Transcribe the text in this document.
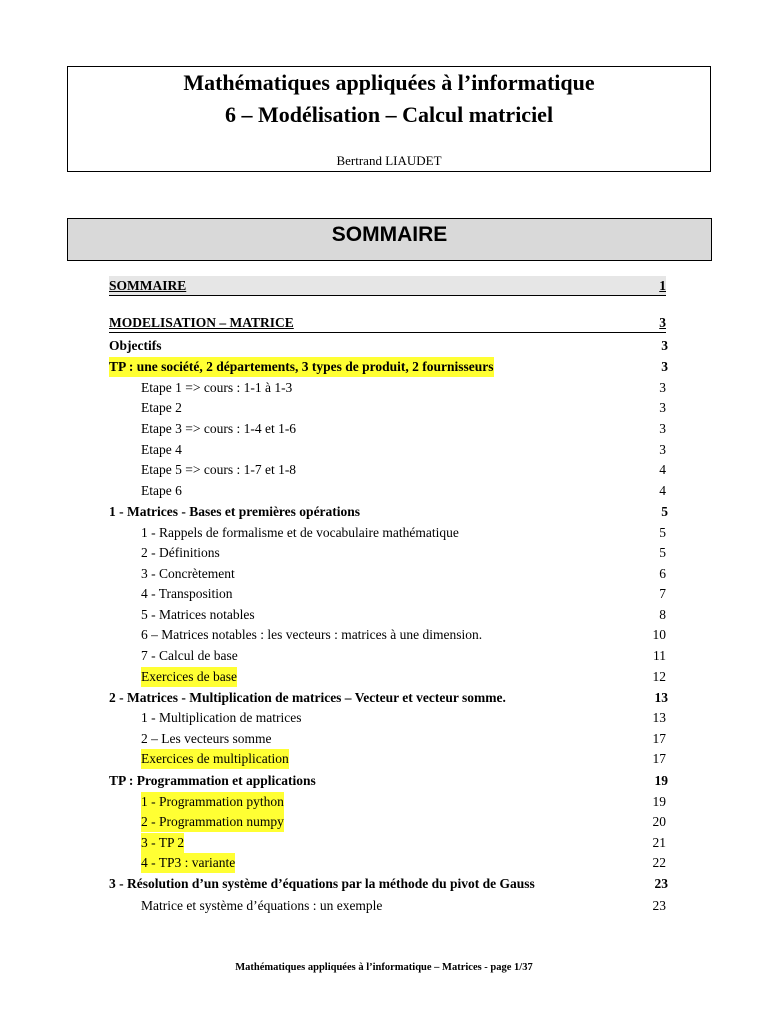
Mathématiques appliquées à l’informatique
6 – Modélisation – Calcul matriciel
Bertrand LIAUDET
SOMMAIRE
SOMMAIRE	1
MODELISATION – MATRICE	3
Objectifs	3
TP : une société, 2 départements, 3 types de produit, 2 fournisseurs	3
Etape 1 => cours : 1-1 à 1-3	3
Etape 2	3
Etape 3 => cours : 1-4 et 1-6	3
Etape 4	3
Etape 5 => cours : 1-7 et 1-8	4
Etape 6	4
1 - Matrices - Bases et premières opérations	5
1 - Rappels de formalisme et de vocabulaire mathématique	5
2 - Définitions	5
3 - Concrètement	6
4 - Transposition	7
5 - Matrices notables	8
6 – Matrices notables : les vecteurs : matrices à une dimension.	10
7 - Calcul de base	11
Exercices de base	12
2 - Matrices - Multiplication de matrices – Vecteur et vecteur somme.	13
1 - Multiplication de matrices	13
2 – Les vecteurs somme	17
Exercices de multiplication	17
TP : Programmation et applications	19
1 - Programmation python	19
2 - Programmation numpy	20
3 - TP 2	21
4 - TP3 : variante	22
3 - Résolution d’un système d’équations par la méthode du pivot de Gauss	23
Matrice et système d’équations : un exemple	23
Mathématiques appliquées à l’informatique – Matrices - page 1/37
